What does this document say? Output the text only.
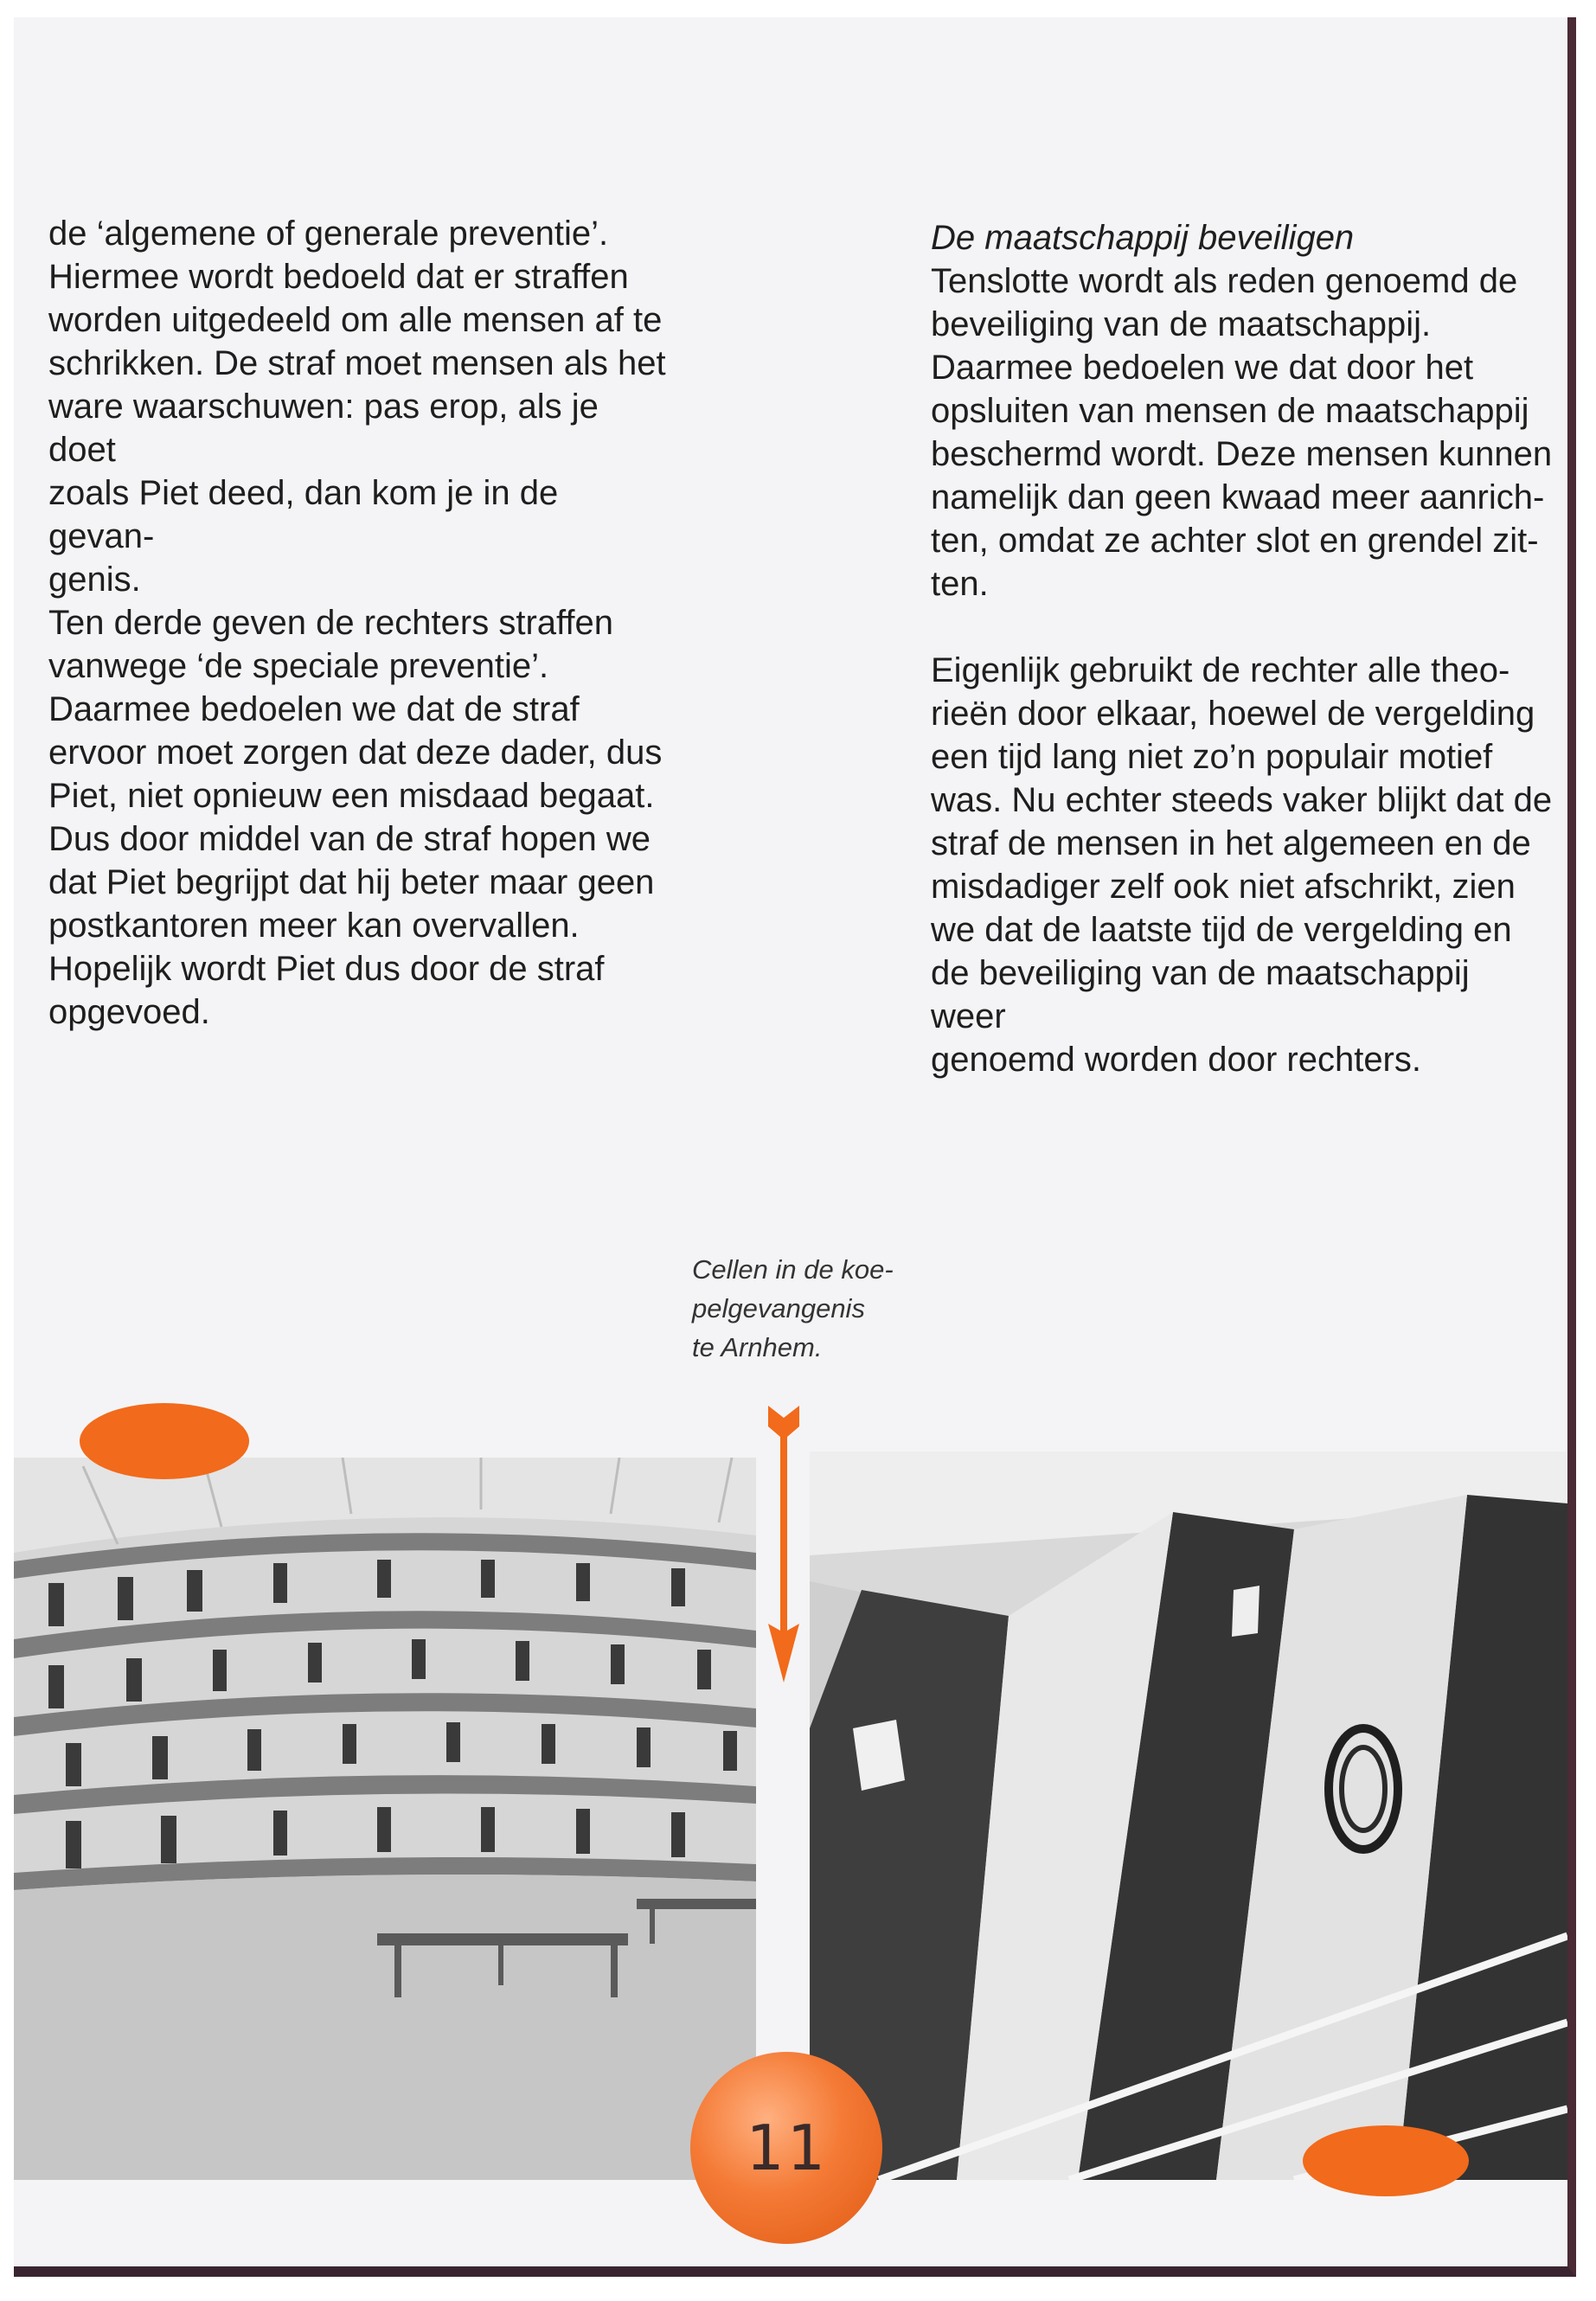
de ‘algemene of generale preventie’.
Hiermee wordt bedoeld dat er straffen
worden uitgedeeld om alle mensen af te
schrikken. De straf moet mensen als het
ware waarschuwen: pas erop, als je doet
zoals Piet deed, dan kom je in de gevan-
genis.

Ten derde geven de rechters straffen
vanwege ‘de speciale preventie’.
Daarmee bedoelen we dat de straf
ervoor moet zorgen dat deze dader, dus
Piet, niet opnieuw een misdaad begaat.
Dus door middel van de straf hopen we
dat Piet begrijpt dat hij beter maar geen
postkantoren meer kan overvallen.
Hopelijk wordt Piet dus door de straf
opgevoed.

De maatschappij beveiligen

Tenslotte wordt als reden genoemd de
beveiliging van de maatschappij.
Daarmee bedoelen we dat door het
opsluiten van mensen de maatschappij
beschermd wordt. Deze mensen kunnen
namelijk dan geen kwaad meer aanrich-
ten, omdat ze achter slot en grendel zit-
ten.

Eigenlijk gebruikt de rechter alle theo-
rieën door elkaar, hoewel de vergelding
een tijd lang niet zo’n populair motief
was. Nu echter steeds vaker blijkt dat de
straf de mensen in het algemeen en de
misdadiger zelf ook niet afschrikt, zien
we dat de laatste tijd de vergelding en
de beveiliging van de maatschappij weer
genoemd worden door rechters.

Cellen in de koe-

pelgevangenis

te Arnhem.

11
